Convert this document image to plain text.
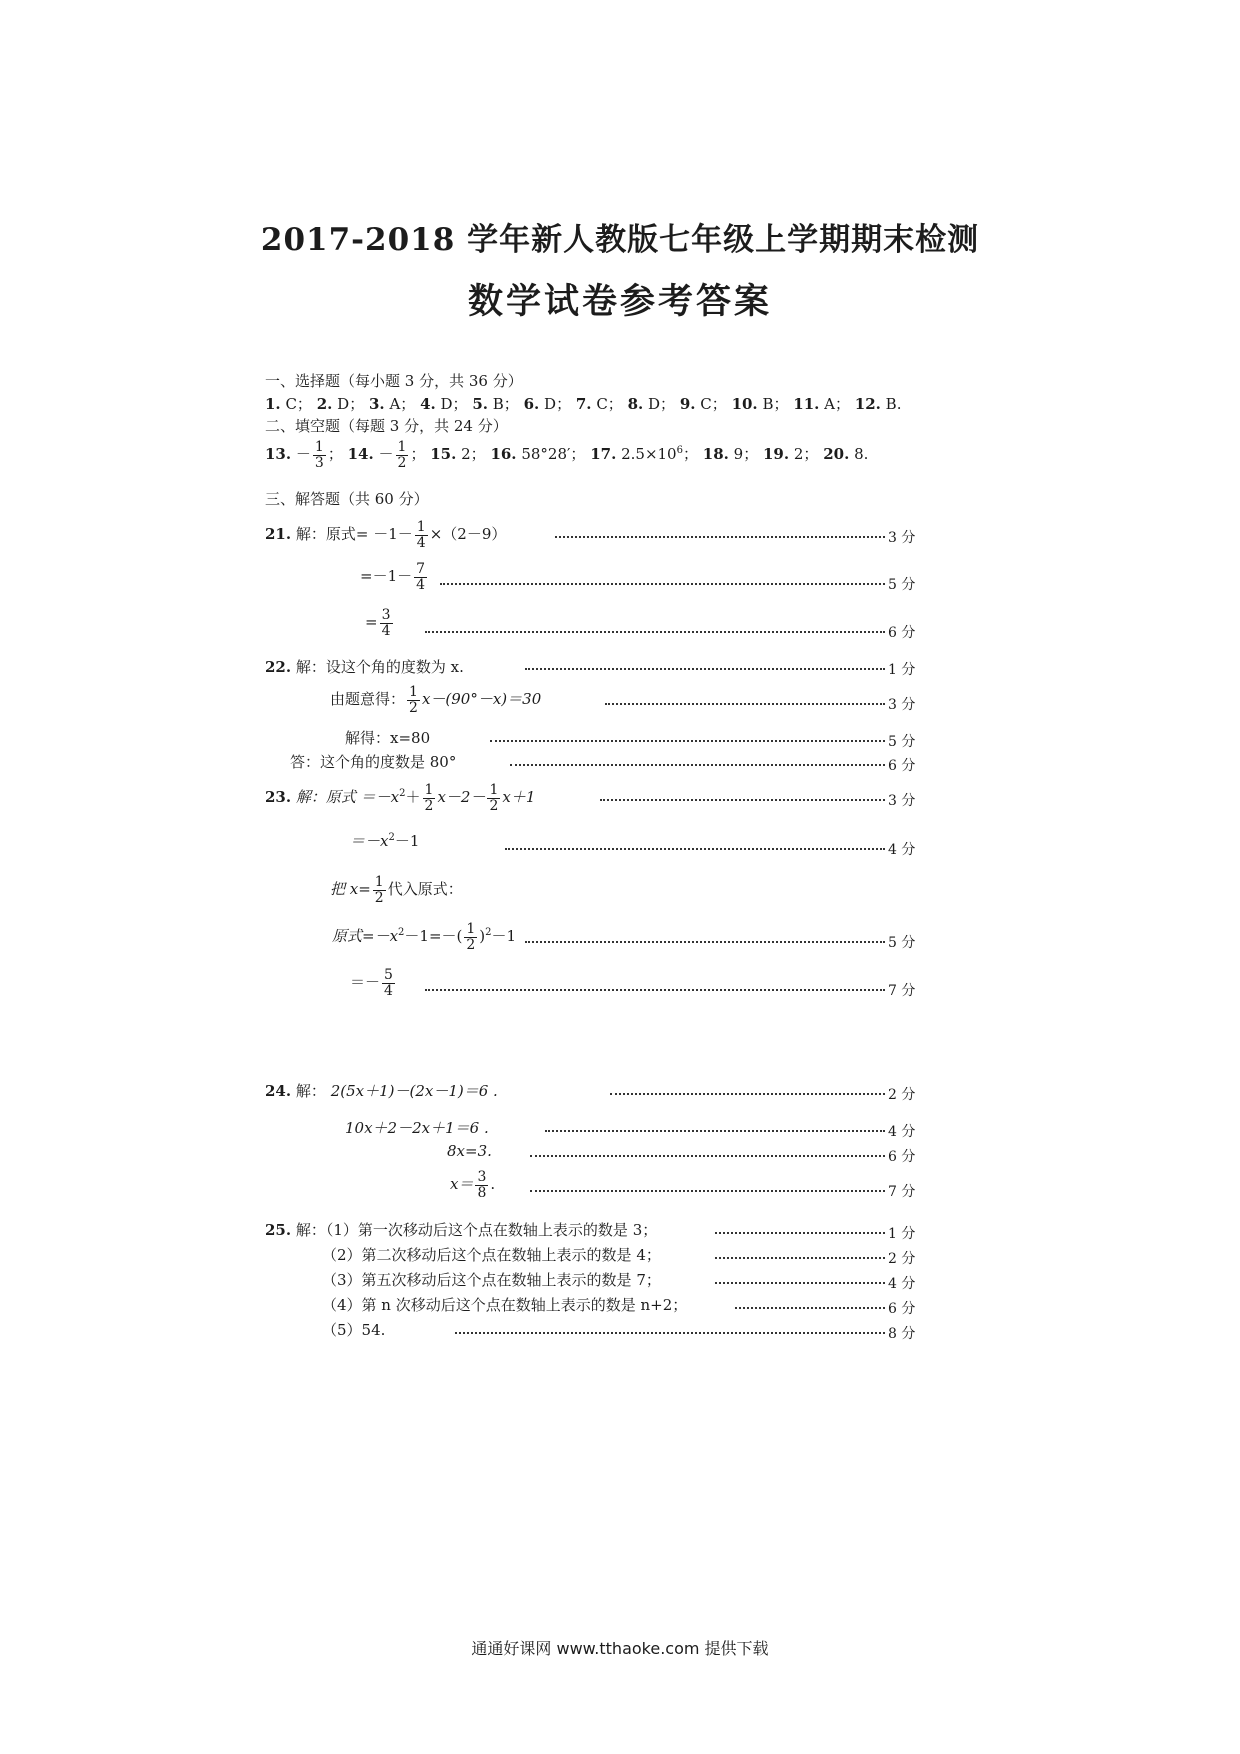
2017-2018 学年新人教版七年级上学期期末检测
数学试卷参考答案
一、选择题（每小题 3 分，共 36 分）
1. C； 2. D； 3. A； 4. D； 5. B； 6. D； 7. C； 8. D； 9. C； 10. B； 11. A； 12. B.
二、填空题（每题 3 分，共 24 分）
13. － $\frac{1}{3}$ ； 14. － $\frac{1}{2}$ ； 15. 2； 16. 58°28′； 17. $2.5\times 10^6$； 18. 9； 19. 2； 20. 8.
三、解答题（共 60 分）
21. 解：原式= $-1- \frac{1}{4} \times(2-9)$	3 分
$=-1- \frac{7}{4}$	5 分
= $\frac{3}{4}$	6 分
22. 解：设这个角的度数为 x.	1 分
由题意得： $\frac{1}{2} x-(90^\circ-x)=30$	3 分
解得：x=80	5 分
答：这个角的度数是 80°	6 分
23. 解：原式 $=-x^2+ \frac{1}{2} x-2- \frac{1}{2} x+1$	3 分
$=-x^2-1$	4 分
把 $x= \frac{1}{2}$ 代入原式：
原式$=-x^2-1=-( \frac{1}{2} )^2-1$	5 分
＝－ $\frac{5}{4}$	7 分
24. 解： 2(5x＋1)－(2x－1)＝6 .	2 分
10x＋2－2x＋1＝6 .	4 分
8x=3.	6 分
$x= \frac{3}{8}$ .	7 分
25. 解：（1）第一次移动后这个点在数轴上表示的数是 3；	1 分
（2）第二次移动后这个点在数轴上表示的数是 4；	2 分
（3）第五次移动后这个点在数轴上表示的数是 7；	4 分
（4）第 n 次移动后这个点在数轴上表示的数是 n+2；	6 分
（5）54.	8 分
通通好课网 www.tthaoke.com 提供下载
